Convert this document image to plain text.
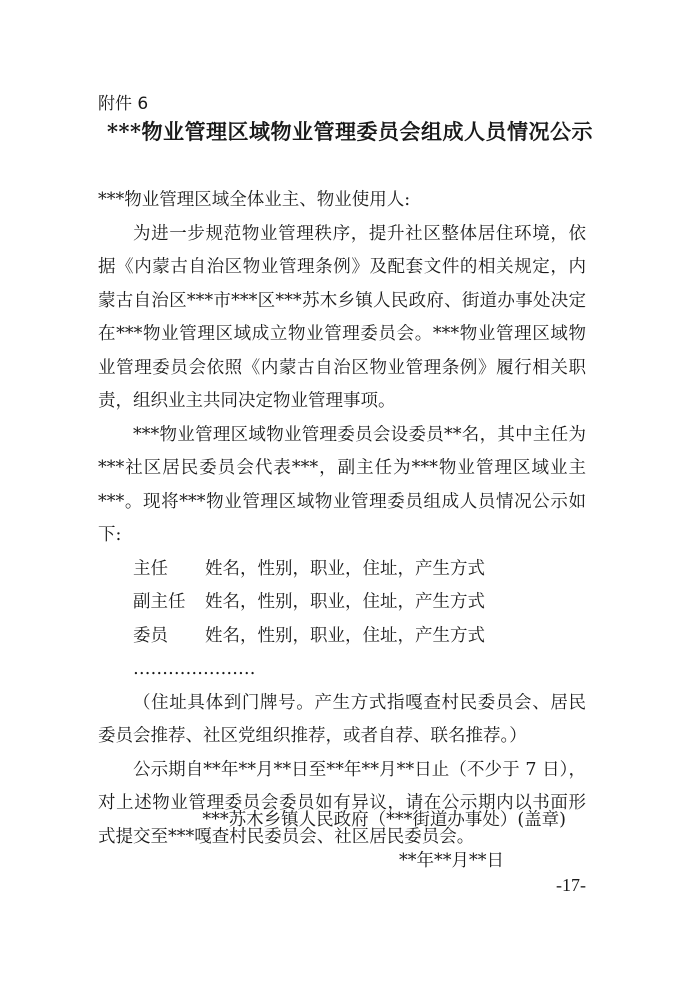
附件 6
***物业管理区域物业管理委员会组成人员情况公示

***物业管理区域全体业主、物业使用人:

为进一步规范物业管理秩序，提升社区整体居住环境，依据《内蒙古自治区物业管理条例》及配套文件的相关规定，内蒙古自治区***市***区***苏木乡镇人民政府、街道办事处决定在***物业管理区域成立物业管理委员会。***物业管理区域物业管理委员会依照《内蒙古自治区物业管理条例》履行相关职责，组织业主共同决定物业管理事项。

***物业管理区域物业管理委员会设委员**名，其中主任为***社区居民委员会代表***，副主任为***物业管理区域业主***。现将***物业管理区域物业管理委员组成人员情况公示如下:

主任	姓名，性别，职业，住址，产生方式
副主任	姓名，性别，职业，住址，产生方式
委员	姓名，性别，职业，住址，产生方式

…………………

（住址具体到门牌号。产生方式指嘎查村民委员会、居民委员会推荐、社区党组织推荐，或者自荐、联名推荐。）

公示期自**年**月**日至**年**月**日止（不少于 7 日），对上述物业管理委员会委员如有异议，请在公示期内以书面形式提交至***嘎查村民委员会、社区居民委员会。

***苏木乡镇人民政府（***街道办事处）(盖章)
**年**月**日
-17-
